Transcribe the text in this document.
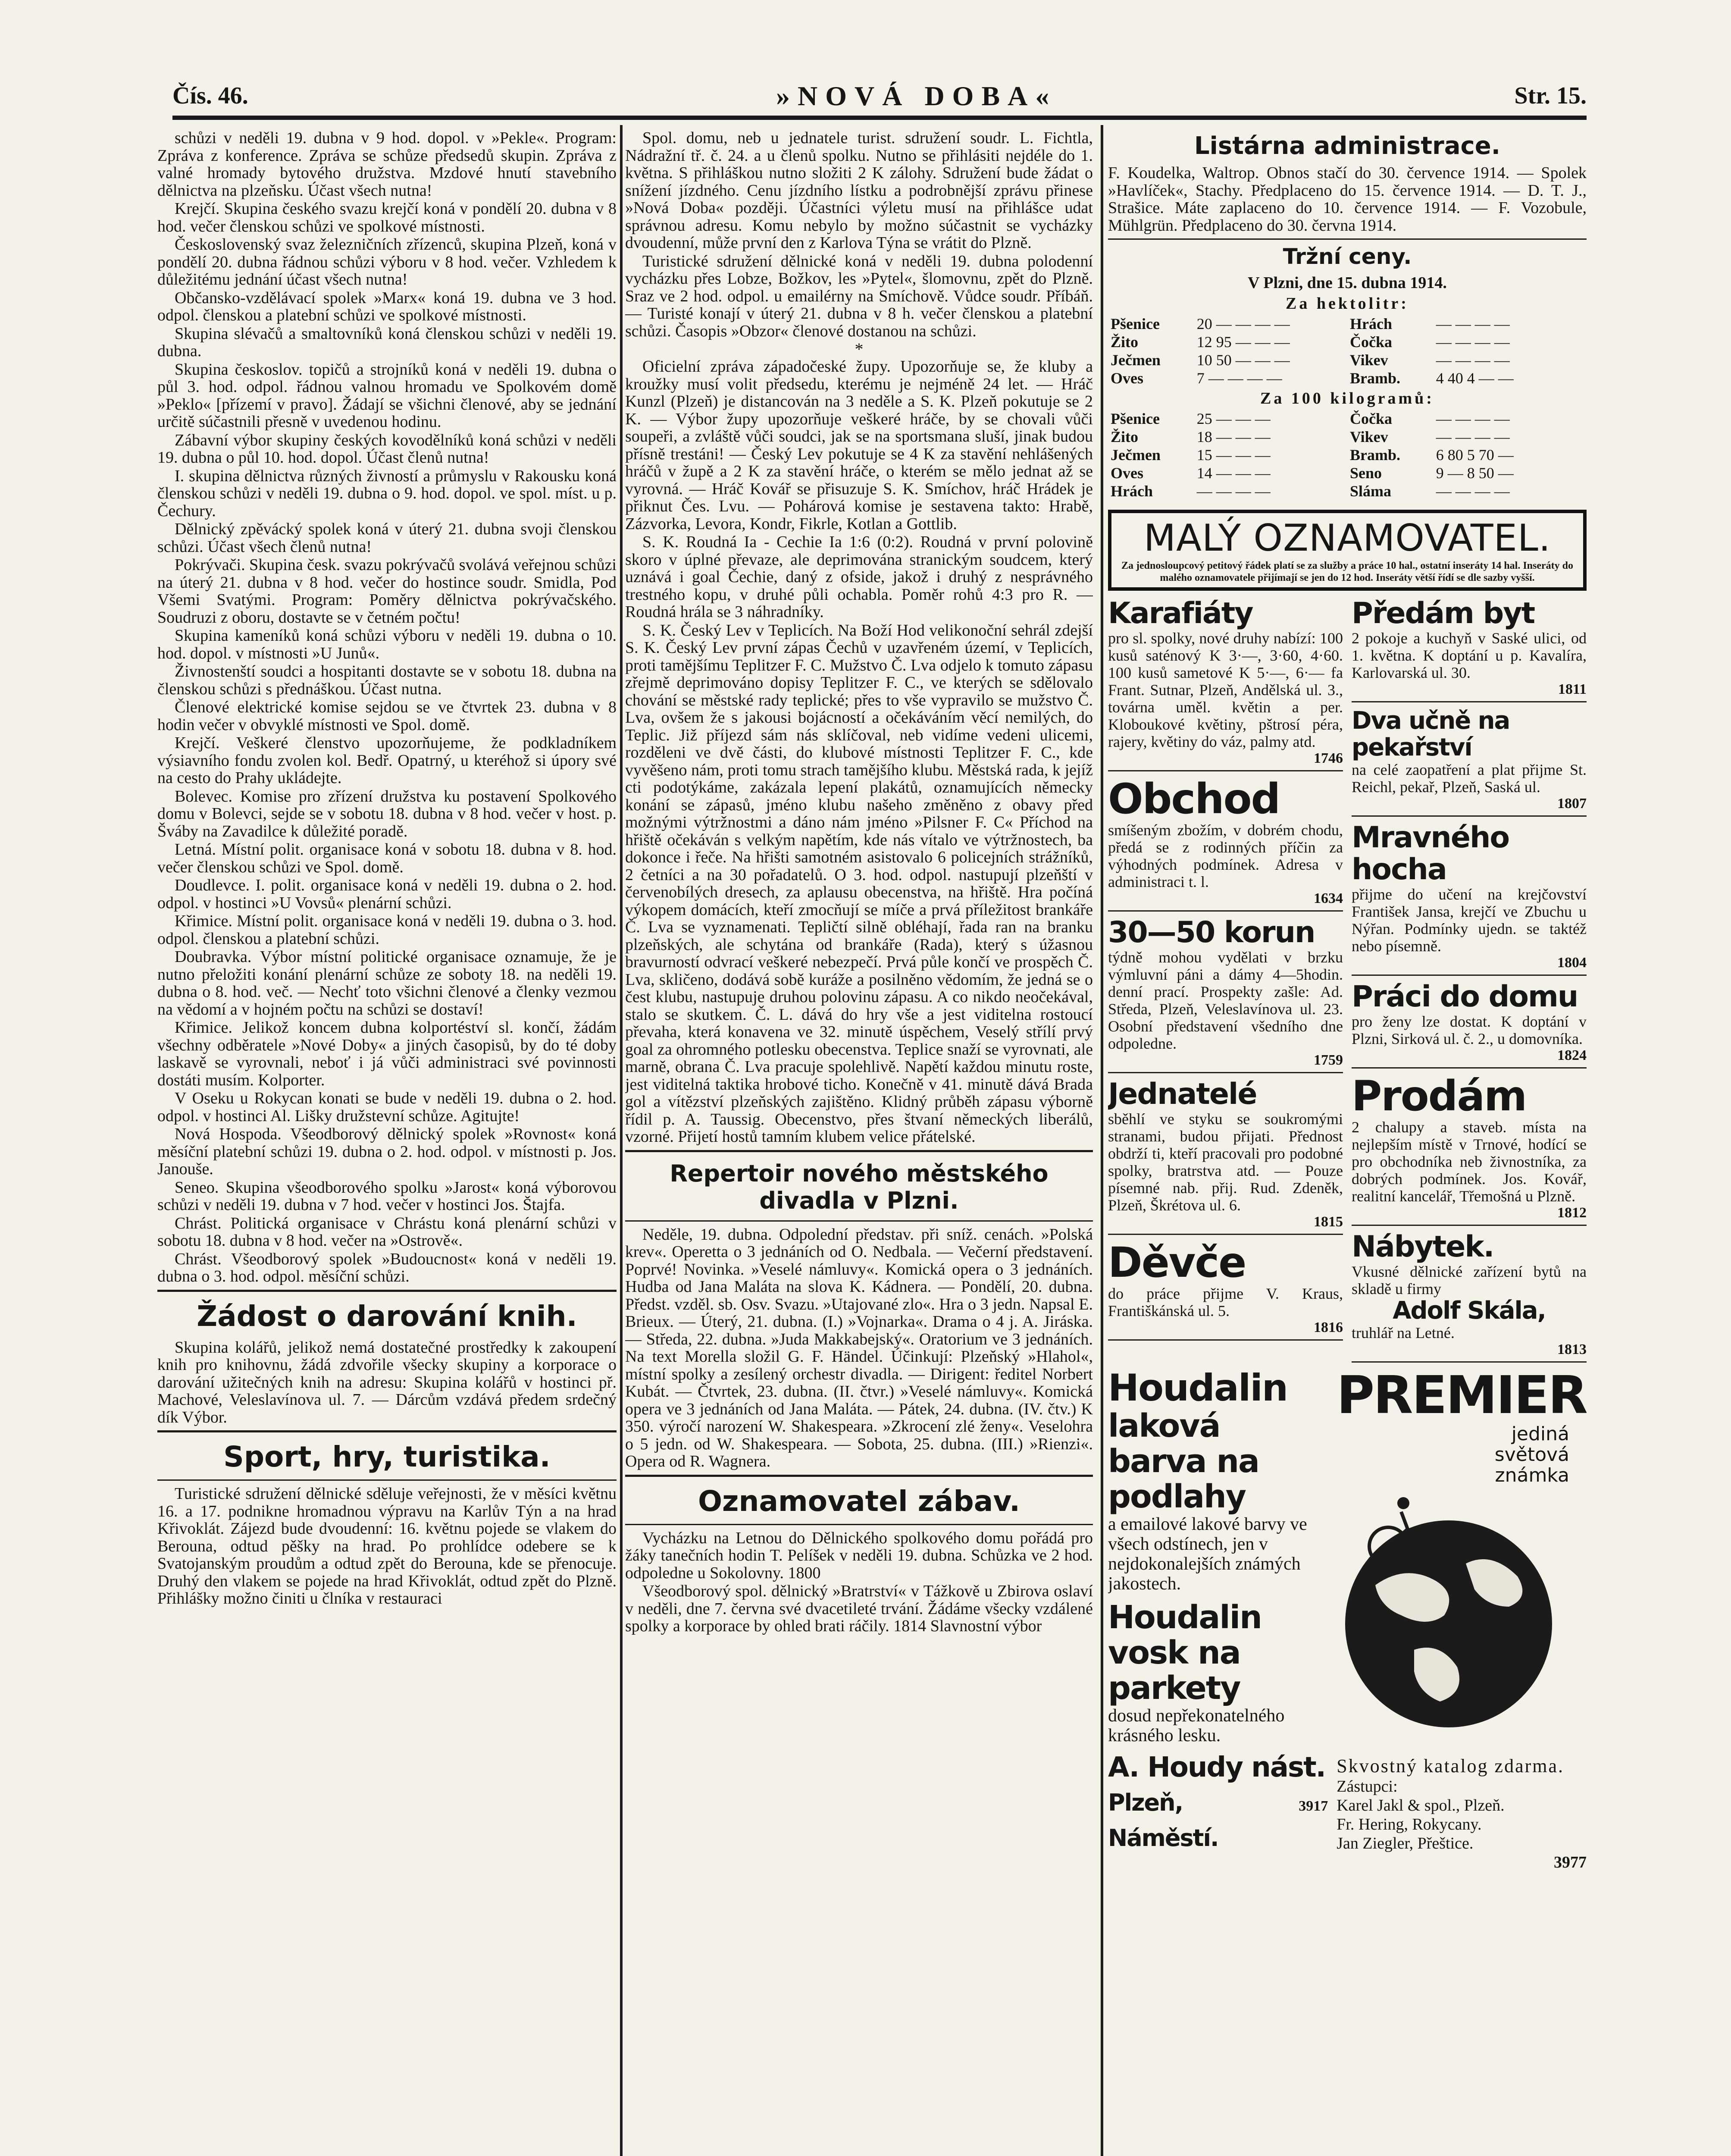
Čís. 46.	»NOVÁ DOBA«	Str. 15.

schůzi v neděli 19. dubna v 9 hod. dopol. v »Pekle«. Program: Zpráva z konference. Zpráva se schůze předsedů skupin. Zpráva z valné hromady bytového družstva. Mzdové hnutí stavebního dělnictva na plzeňsku. Účast všech nutna!

Krejčí. Skupina českého svazu krejčí koná v pondělí 20. dubna v 8 hod. večer členskou schůzi ve spolkové místnosti.

Československý svaz železničních zřízenců, skupina Plzeň, koná v pondělí 20. dubna řádnou schůzi výboru v 8 hod. večer. Vzhledem k důležitému jednání účast všech nutna!

Občansko-vzdělávací spolek »Marx« koná 19. dubna ve 3 hod. odpol. členskou a platební schůzi ve spolkové místnosti.

Skupina slévačů a smaltovníků koná členskou schůzi v neděli 19. dubna.

Skupina českoslov. topičů a strojníků koná v neděli 19. dubna o půl 3. hod. odpol. řádnou valnou hromadu ve Spolkovém domě »Peklo« [přízemí v pravo]. Žádají se všichni členové, aby se jednání určitě súčastnili přesně v uvedenou hodinu.

Zábavní výbor skupiny českých kovodělníků koná schůzi v neděli 19. dubna o půl 10. hod. dopol. Účast členů nutna!

I. skupina dělnictva různých živností a průmyslu v Rakousku koná členskou schůzi v neděli 19. dubna o 9. hod. dopol. ve spol. míst. u p. Čechury.

Dělnický zpěvácký spolek koná v úterý 21. dubna svoji členskou schůzi. Účast všech členů nutna!

Pokrývači. Skupina česk. svazu pokrývačů svolává veřejnou schůzi na úterý 21. dubna v 8 hod. večer do hostince soudr. Smidla, Pod Všemi Svatými. Program: Poměry dělnictva pokrývačského. Soudruzi z oboru, dostavte se v četném počtu!

Skupina kameníků koná schůzi výboru v neděli 19. dubna o 10. hod. dopol. v místnosti »U Junů«.

Živnostenští soudci a hospitanti dostavte se v sobotu 18. dubna na členskou schůzi s přednáškou. Účast nutna.

Členové elektrické komise sejdou se ve čtvrtek 23. dubna v 8 hodin večer v obvyklé místnosti ve Spol. domě.

Krejčí. Veškeré členstvo upozorňujeme, že podkladníkem výsiavního fondu zvolen kol. Bedř. Opatrný, u kteréhož si úpory své na cesto do Prahy ukládejte.

Bolevec. Komise pro zřízení družstva ku postavení Spolkového domu v Bolevci, sejde se v sobotu 18. dubna v 8 hod. večer v host. p. Šváby na Zavadilce k důležité poradě.

Letná. Místní polit. organisace koná v sobotu 18. dubna v 8. hod. večer členskou schůzi ve Spol. domě.

Doudlevce. I. polit. organisace koná v neděli 19. dubna o 2. hod. odpol. v hostinci »U Vovsů« plenární schůzi.

Křimice. Místní polit. organisace koná v neděli 19. dubna o 3. hod. odpol. členskou a platební schůzi.

Doubravka. Výbor místní politické organisace oznamuje, že je nutno přeložiti konání plenární schůze ze soboty 18. na neděli 19. dubna o 8. hod. več. — Nechť toto všichni členové a členky vezmou na vědomí a v hojném počtu na schůzi se dostaví!

Křimice. Jelikož koncem dubna kolportéství sl. končí, žádám všechny odběratele »Nové Doby« a jiných časopisů, by do té doby laskavě se vyrovnali, neboť i já vůči administraci své povinnosti dostáti musím. Kolporter.

V Oseku u Rokycan konati se bude v neděli 19. dubna o 2. hod. odpol. v hostinci Al. Lišky družstevní schůze. Agitujte!

Nová Hospoda. Všeodborový dělnický spolek »Rovnost« koná měsíční platební schůzi 19. dubna o 2. hod. odpol. v místnosti p. Jos. Janouše.

Seneo. Skupina všeodborového spolku »Jarost« koná výborovou schůzi v neděli 19. dubna v 7 hod. večer v hostinci Jos. Štajfa.

Chrást. Politická organisace v Chrástu koná plenární schůzi v sobotu 18. dubna v 8 hod. večer na »Ostrově«.

Chrást. Všeodborový spolek »Budoucnost« koná v neděli 19. dubna o 3. hod. odpol. měsíční schůzi.

Žádost o darování knih.

Skupina kolářů, jelikož nemá dostatečné prostředky k zakoupení knih pro knihovnu, žádá zdvořile všecky skupiny a korporace o darování užitečných knih na adresu: Skupina kolářů v hostinci př. Machové, Veleslavínova ul. 7. — Dárcům vzdává předem srdečný dík Výbor.

Sport, hry, turistika.

Turistické sdružení dělnické sděluje veřejnosti, že v měsíci květnu 16. a 17. podnikne hromadnou výpravu na Karlův Týn a na hrad Křivoklát. Zájezd bude dvoudenní: 16. květnu pojede se vlakem do Berouna, odtud pěšky na hrad. Po prohlídce odebere se k Svatojanským proudům a odtud zpět do Berouna, kde se přenocuje. Druhý den vlakem se pojede na hrad Křivoklát, odtud zpět do Plzně. Přihlášky možno činiti u člníka v restauraci

Spol. domu, neb u jednatele turist. sdružení soudr. L. Fichtla, Nádražní tř. č. 24. a u členů spolku. Nutno se přihlásiti nejdéle do 1. května. S přihláškou nutno složiti 2 K zálohy. Sdružení bude žádat o snížení jízdného. Cenu jízdního lístku a podrobnější zprávu přinese »Nová Doba« později. Účastníci výletu musí na přihlášce udat správnou adresu. Komu nebylo by možno súčastnit se vycházky dvoudenní, může první den z Karlova Týna se vrátit do Plzně.

Turistické sdružení dělnické koná v neděli 19. dubna polodenní vycházku přes Lobze, Božkov, les »Pytel«, šlomovnu, zpět do Plzně. Sraz ve 2 hod. odpol. u emailérny na Smíchově. Vůdce soudr. Příbáň. — Turisté konají v úterý 21. dubna v 8 h. večer členskou a platební schůzi. Časopis »Obzor« členové dostanou na schůzi.

*

Oficielní zpráva západočeské župy. Upozorňuje se, že kluby a kroužky musí volit předsedu, kterému je nejméně 24 let. — Hráč Kunzl (Plzeň) je distancován na 3 neděle a S. K. Plzeň pokutuje se 2 K. — Výbor župy upozorňuje veškeré hráče, by se chovali vůči soupeři, a zvláště vůči soudci, jak se na sportsmana sluší, jinak budou přísně trestáni! — Český Lev pokutuje se 4 K za stavění nehlášených hráčů v župě a 2 K za stavění hráče, o kterém se mělo jednat až se vyrovná. — Hráč Kovář se přisuzuje S. K. Smíchov, hráč Hrádek je přiknut Čes. Lvu. — Pohárová komise je sestavena takto: Hrabě, Zázvorka, Levora, Kondr, Fikrle, Kotlan a Gottlib.

S. K. Roudná Ia - Cechie Ia 1:6 (0:2). Roudná v první polovině skoro v úplné převaze, ale deprimována stranickým soudcem, který uznává i goal Čechie, daný z ofside, jakož i druhý z nesprávného trestného kopu, v druhé půli ochabla. Poměr rohů 4:3 pro R. — Roudná hrála se 3 náhradníky.

S. K. Český Lev v Teplicích. Na Boží Hod velikonoční sehrál zdejší S. K. Český Lev první zápas Čechů v uzavřeném území, v Teplicích, proti tamějšímu Teplitzer F. C. Mužstvo Č. Lva odjelo k tomuto zápasu zřejmě deprimováno dopisy Teplitzer F. C., ve kterých se sdělovalo chování se městské rady teplické; přes to vše vypravilo se mužstvo Č. Lva, ovšem že s jakousi bojácností a očekáváním věcí nemilých, do Teplic. Již příjezd sám nás sklíčoval, neb vidíme vedeni ulicemi, rozděleni ve dvě části, do klubové místnosti Teplitzer F. C., kde vyvěšeno nám, proti tomu strach tamějšího klubu. Městská rada, k jejíž cti podotýkáme, zakázala lepení plakátů, oznamujících německy konání se zápasů, jméno klubu našeho změněno z obavy před možnými výtržnostmi a dáno nám jméno »Pilsner F. C« Příchod na hřiště očekáván s velkým napětím, kde nás vítalo ve výtržnostech, ba dokonce i řeče. Na hřišti samotném asistovalo 6 policejních strážníků, 2 četníci a na 30 pořadatelů. O 3. hod. odpol. nastupují plzeňští v červenobílých dresech, za aplausu obecenstva, na hřiště. Hra počíná výkopem domácích, kteří zmocňují se míče a prvá příležitost brankáře Č. Lva se vyznamenati. Tepličtí silně obléhají, řada ran na branku plzeňských, ale schytána od brankáře (Rada), který s úžasnou bravurností odvrací veškeré nebezpečí. Prvá půle končí ve prospěch Č. Lva, skličeno, dodává sobě kuráže a posilněno vědomím, že jedná se o čest klubu, nastupuje druhou polovinu zápasu. A co nikdo neočekával, stalo se skutkem. Č. L. dává do hry vše a jest viditelna rostoucí převaha, která konavena ve 32. minutě úspěchem, Veselý střílí prvý goal za ohromného potlesku obecenstva. Teplice snaží se vyrovnati, ale marně, obrana Č. Lva pracuje spolehlivě. Napětí každou minutu roste, jest viditelná taktika hrobové ticho. Konečně v 41. minutě dává Brada gol a vítězství plzeňských zajištěno. Klidný průběh zápasu výborně řídil p. A. Taussig. Obecenstvo, přes štvaní německých liberálů, vzorné. Přijetí hostů tamním klubem velice přátelské.

Repertoir nového městského divadla v Plzni.

Neděle, 19. dubna. Odpolední představ. při sníž. cenách. »Polská krev«. Operetta o 3 jednáních od O. Nedbala. — Večerní představení. Poprvé! Novinka. »Veselé námluvy«. Komická opera o 3 jednáních. Hudba od Jana Maláta na slova K. Kádnera. — Pondělí, 20. dubna. Předst. vzděl. sb. Osv. Svazu. »Utajované zlo«. Hra o 3 jedn. Napsal E. Brieux. — Úterý, 21. dubna. (I.) »Vojnarka«. Drama o 4 j. A. Jiráska. — Středa, 22. dubna. »Juda Makkabejský«. Oratorium ve 3 jednáních. Na text Morella složil G. F. Händel. Účinkují: Plzeňský »Hlahol«, místní spolky a zesílený orchestr divadla. — Dirigent: ředitel Norbert Kubát. — Čtvrtek, 23. dubna. (II. čtvr.) »Veselé námluvy«. Komická opera ve 3 jednáních od Jana Maláta. — Pátek, 24. dubna. (IV. čtv.) K 350. výročí narození W. Shakespeara. »Zkrocení zlé ženy«. Veselohra o 5 jedn. od W. Shakespeara. — Sobota, 25. dubna. (III.) »Rienzi«. Opera od R. Wagnera.

Oznamovatel zábav.

Vycházku na Letnou do Dělnického spolkového domu pořádá pro žáky tanečních hodin T. Pelíšek v neděli 19. dubna. Schůzka ve 2 hod. odpoledne u Sokolovny. 1800

Všeodborový spol. dělnický »Bratrství« v Tážkově u Zbirova oslaví v neděli, dne 7. června své dvacetileté trvání. Žádáme všecky vzdálené spolky a korporace by ohled brati ráčily. 1814 Slavnostní výbor

Listárna administrace.

F. Koudelka, Waltrop. Obnos stačí do 30. července 1914. — Spolek »Havlíček«, Stachy. Předplaceno do 15. července 1914. — D. T. J., Strašice. Máte zaplaceno do 10. července 1914. — F. Vozobule, Mühlgrün. Předplaceno do 30. června 1914.

Tržní ceny.
V Plzni, dne 15. dubna 1914.
Za hektolitr:
Pšenice	20 — — — —	Hrách	— — — —
Žito	12 95 — — —	Čočka	— — — —
Ječmen	10 50 — — —	Vikev	— — — —
Oves	7 — — — —	Bramb.	4 40 4 — —
Za 100 kilogramů:
Pšenice	25 — — —	Čočka	— — — —
Žito	18 — — —	Vikev	— — — —
Ječmen	15 — — —	Bramb.	6 80 5 70 —
Oves	14 — — —	Seno	9 — 8 50 —
Hrách	— — — —	Sláma	— — — —
MALÝ OZNAMOVATEL.
Za jednosloupcový petitový řádek platí se za služby a práce 10 hal., ostatní inseráty 14 hal. Inseráty do malého oznamovatele přijímají se jen do 12 hod. Inseráty větší řídí se dle sazby vyšší.
Karafiáty
pro sl. spolky, nové druhy nabízí: 100 kusů saténový K 3·—, 3·60, 4·60. 100 kusů sametové K 5·—, 6·— fa Frant. Sutnar, Plzeň, Andělská ul. 3., továrna uměl. květin a per. Kloboukové květiny, pštrosí péra, rajery, květiny do váz, palmy atd.
1746
Obchod
smíšeným zbožím, v dobrém chodu, předá se z rodinných příčin za výhodných podmínek. Adresa v administraci t. l.
1634
30—50 korun
týdně mohou vydělati v brzku výmluvní páni a dámy 4—5hodin. denní prací. Prospekty zašle: Ad. Středa, Plzeň, Veleslavínova ul. 23. Osobní představení všedního dne odpoledne.
1759
Jednatelé
sběhlí ve styku se soukromými stranami, budou přijati. Přednost obdrží ti, kteří pracovali pro podobné spolky, bratrstva atd. — Pouze písemné nab. přij. Rud. Zdeněk, Plzeň, Škrétova ul. 6.
1815
Děvče
do práce přijme V. Kraus, Františkánská ul. 5.
1816
Předám byt
2 pokoje a kuchyň v Saské ulici, od 1. května. K doptání u p. Kavalíra, Karlovarská ul. 30.
1811
Dva učně na pekařství
na celé zaopatření a plat přijme St. Reichl, pekař, Plzeň, Saská ul.
1807
Mravného hocha
přijme do učení na krejčovství František Jansa, krejčí ve Zbuchu u Nýřan. Podmínky ujedn. se taktéž nebo písemně.
1804
Práci do domu
pro ženy lze dostat. K doptání v Plzni, Sirková ul. č. 2., u domovníka.
1824
Prodám
2 chalupy a staveb. místa na nejlepším místě v Trnové, hodící se pro obchodníka neb živnostníka, za dobrých podmínek. Jos. Kovář, realitní kancelář, Třemošná u Plzně.
1812
Nábytek.
Vkusné dělnické zařízení bytů na skladě u firmy
Adolf Skála,
truhlář na Letné.
1813
Houdalin
laková barva na podlahy
a emailové lakové barvy ve všech odstínech, jen v nejdokonalejších známých jakostech.
Houdalin vosk na parkety
dosud nepřekonatelného krásného lesku.
A. Houdy nást.
Plzeň, Náměstí.
3917
PREMIER
jediná
světová
známka
Skvostný katalog zdarma.
Zástupci:
Karel Jakl & spol., Plzeň.
Fr. Hering, Rokycany.
Jan Ziegler, Přeštice.
3977
